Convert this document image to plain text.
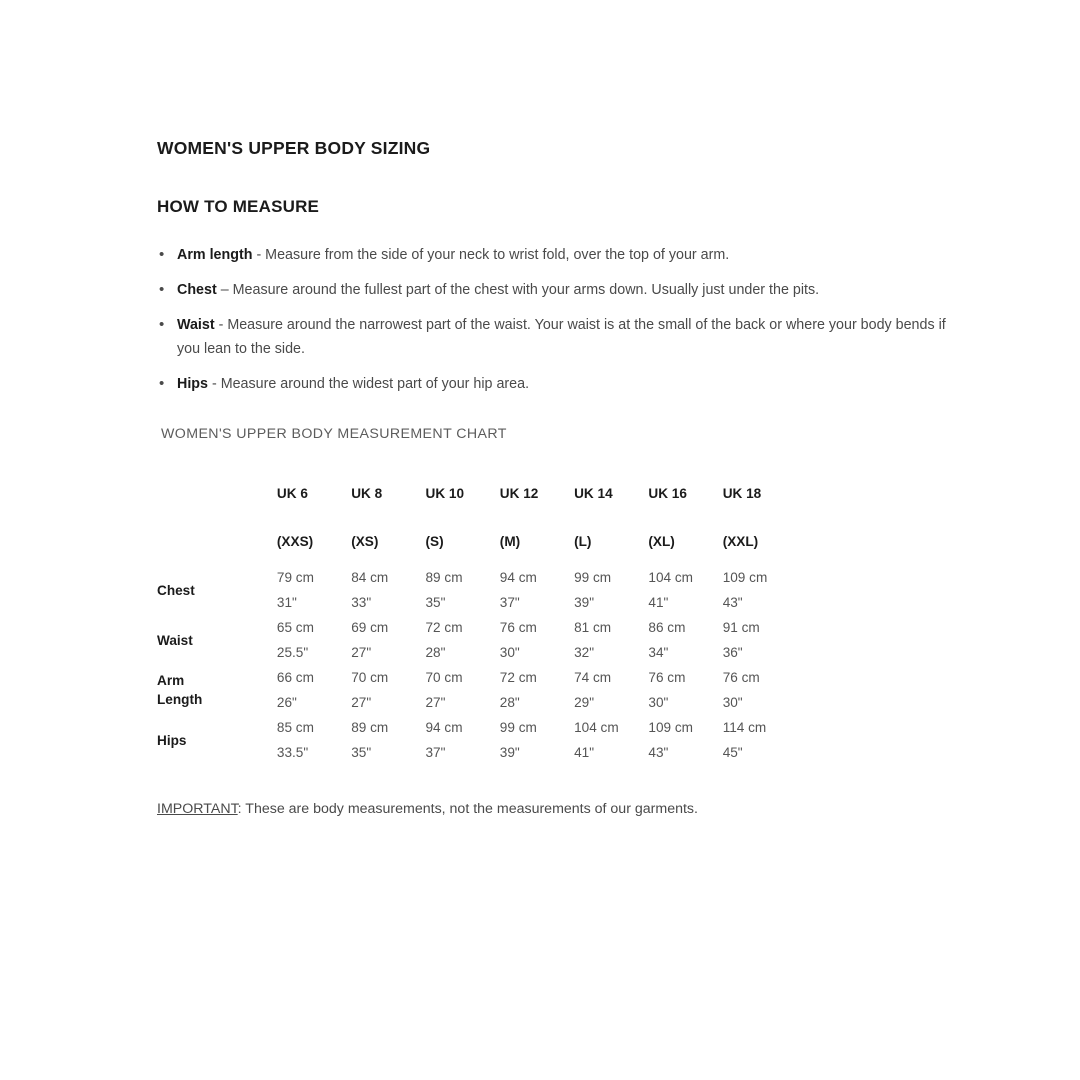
WOMEN'S UPPER BODY SIZING
HOW TO MEASURE
• Arm length - Measure from the side of your neck to wrist fold, over the top of your arm.
• Chest – Measure around the fullest part of the chest with your arms down. Usually just under the pits.
• Waist - Measure around the narrowest part of the waist. Your waist is at the small of the back or where your body bends if you lean to the side.
• Hips - Measure around the widest part of your hip area.
WOMEN'S UPPER BODY MEASUREMENT CHART
	UK 6	UK 8	UK 10	UK 12	UK 14	UK 16	UK 18
	(XXS)	(XS)	(S)	(M)	(L)	(XL)	(XXL)
Chest	79 cm	84 cm	89 cm	94 cm	99 cm	104 cm	109 cm
	31"	33"	35"	37"	39"	41"	43"
Waist	65 cm	69 cm	72 cm	76 cm	81 cm	86 cm	91 cm
	25.5"	27"	28"	30"	32"	34"	36"
Arm
Length	66 cm	70 cm	70 cm	72 cm	74 cm	76 cm	76 cm
	26"	27"	27"	28"	29"	30"	30"
Hips	85 cm	89 cm	94 cm	99 cm	104 cm	109 cm	114 cm
	33.5"	35"	37"	39"	41"	43"	45"
IMPORTANT: These are body measurements, not the measurements of our garments.
